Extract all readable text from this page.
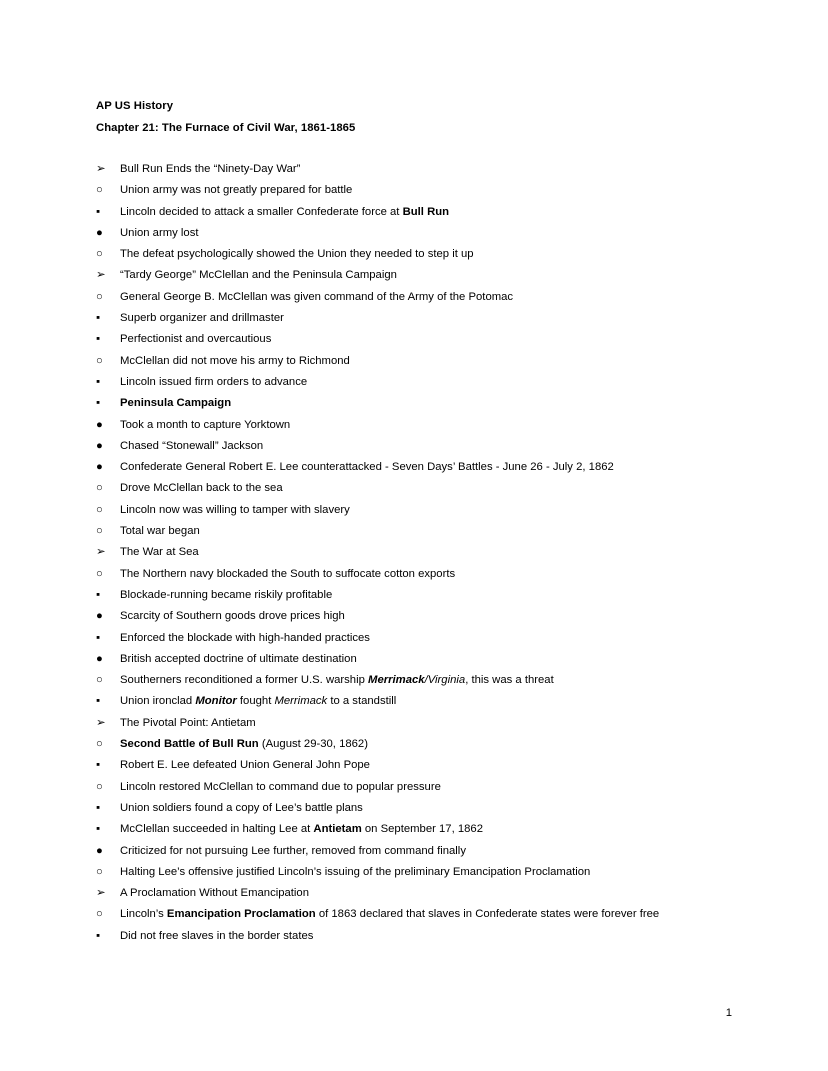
AP US History
Chapter 21: The Furnace of Civil War, 1861-1865
➢	Bull Run Ends the “Ninety-Day War”
○	Union army was not greatly prepared for battle
▪	Lincoln decided to attack a smaller Confederate force at Bull Run
●	Union army lost
○	The defeat psychologically showed the Union they needed to step it up
➢	“Tardy George” McClellan and the Peninsula Campaign
○	General George B. McClellan was given command of the Army of the Potomac
▪	Superb organizer and drillmaster
▪	Perfectionist and overcautious
○	McClellan did not move his army to Richmond
▪	Lincoln issued firm orders to advance
▪	Peninsula Campaign
●	Took a month to capture Yorktown
●	Chased “Stonewall” Jackson
●	Confederate General Robert E. Lee counterattacked - Seven Days’ Battles - June 26 - July 2, 1862
○	Drove McClellan back to the sea
○	Lincoln now was willing to tamper with slavery
○	Total war began
➢	The War at Sea
○	The Northern navy blockaded the South to suffocate cotton exports
▪	Blockade-running became riskily profitable
●	Scarcity of Southern goods drove prices high
▪	Enforced the blockade with high-handed practices
●	British accepted doctrine of ultimate destination
○	Southerners reconditioned a former U.S. warship Merrimack/Virginia, this was a threat
▪	Union ironclad Monitor fought Merrimack to a standstill
➢	The Pivotal Point: Antietam
○	Second Battle of Bull Run (August 29-30, 1862)
▪	Robert E. Lee defeated Union General John Pope
○	Lincoln restored McClellan to command due to popular pressure
▪	Union soldiers found a copy of Lee’s battle plans
▪	McClellan succeeded in halting Lee at Antietam on September 17, 1862
●	Criticized for not pursuing Lee further, removed from command finally
○	Halting Lee’s offensive justified Lincoln’s issuing of the preliminary Emancipation Proclamation
➢	A Proclamation Without Emancipation
○	Lincoln’s Emancipation Proclamation of 1863 declared that slaves in Confederate states were forever free
▪	Did not free slaves in the border states
1
